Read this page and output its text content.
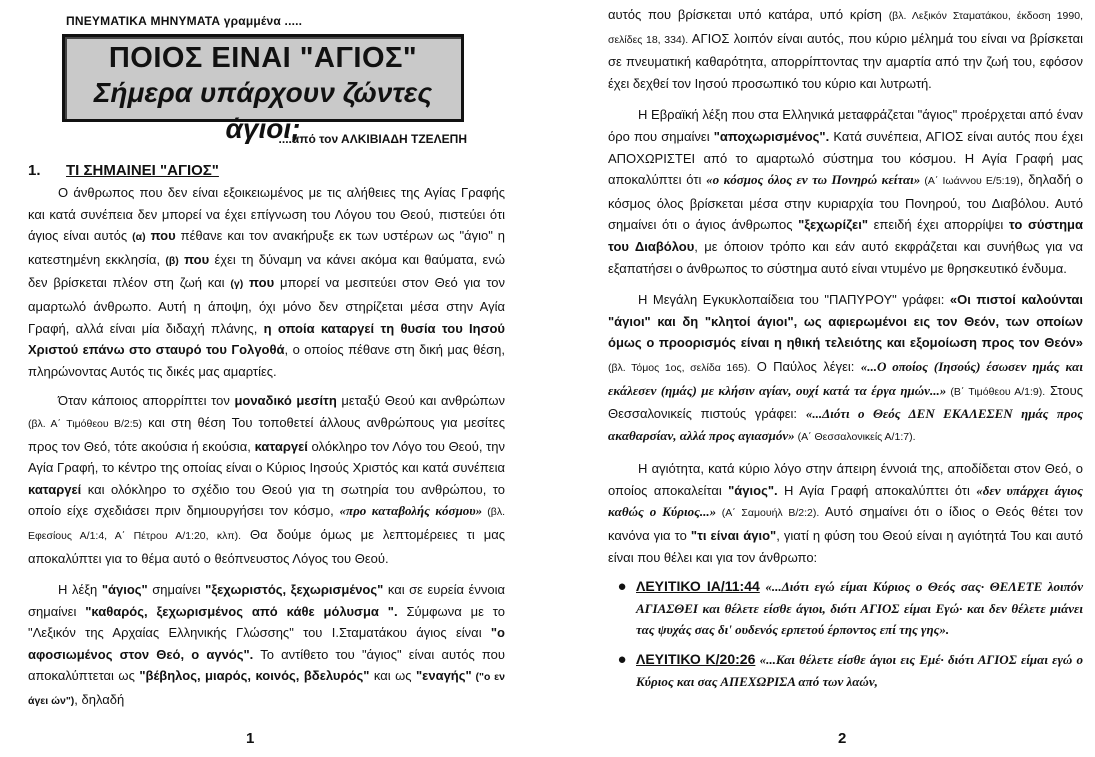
ΠΝΕΥΜΑΤΙΚΑ ΜΗΝΥΜΑΤΑ γραμμένα .....
ΠΟΙΟΣ ΕΙΝΑΙ "ΑΓΙΟΣ"
Σήμερα υπάρχουν ζώντες άγιοι;
....από τον ΑΛΚΙΒΙΑΔΗ ΤΖΕΛΕΠΗ
1.	ΤΙ ΣΗΜΑΙΝΕΙ "ΑΓΙΟΣ"

Ο άνθρωπος που δεν είναι εξοικειωμένος με τις αλήθειες της Αγίας Γραφής και κατά συνέπεια δεν μπορεί να έχει επίγνωση του Λόγου του Θεού, πιστεύει ότι άγιος είναι αυτός (α) που πέθανε και τον ανακήρυξε εκ των υστέρων ως "άγιο" η κατεστημένη εκκλησία, (β) που έχει τη δύναμη να κάνει ακόμα και θαύματα, ενώ δεν βρίσκεται πλέον στη ζωή και (γ) που μπορεί να μεσιτεύει στον Θεό για τον αμαρτωλό άνθρωπο. Αυτή η άποψη, όχι μόνο δεν στηρίζεται μέσα στην Αγία Γραφή, αλλά είναι μία διδαχή πλάνης, η οποία καταργεί τη θυσία του Ιησού Χριστού επάνω στο σταυρό του Γολγοθά, ο οποίος πέθανε στη δική μας θέση, πληρώνοντας Αυτός τις δικές μας αμαρτίες.

Όταν κάποιος απορρίπτει τον μοναδικό μεσίτη μεταξύ Θεού και ανθρώπων (βλ. Α΄ Τιμόθεου Β/2:5) και στη θέση Του τοποθετεί άλλους ανθρώπους για μεσίτες προς τον Θεό, τότε ακούσια ή εκούσια, καταργεί ολόκληρο τον Λόγο του Θεού, την Αγία Γραφή, το κέντρο της οποίας είναι ο Κύριος Ιησούς Χριστός και κατά συνέπεια καταργεί και ολόκληρο το σχέδιο του Θεού για τη σωτηρία του ανθρώπου, το οποίο είχε σχεδιάσει πριν δημιουργήσει τον κόσμο, «προ καταβολής κόσμου» (βλ. Εφεσίους Α/1:4, Α΄ Πέτρου Α/1:20, κλπ). Θα δούμε όμως με λεπτομέρειες τι μας αποκαλύπτει για το θέμα αυτό ο θεόπνευστος Λόγος του Θεού.

Η λέξη "άγιος" σημαίνει "ξεχωριστός, ξεχωρισμένος" και σε ευρεία έννοια σημαίνει "καθαρός, ξεχωρισμένος από κάθε μόλυσμα ". Σύμφωνα με το "Λεξικόν της Αρχαίας Ελληνικής Γλώσσης" του Ι.Σταματάκου άγιος είναι "ο αφοσιωμένος στον Θεό, ο αγνός". Το αντίθετο του "άγιος" είναι αυτός που αποκαλύπτεται ως "βέβηλος, μιαρός, κοινός, βδελυρός" και ως "εναγής" ("ο εν άγει ών"), δηλαδή

1

αυτός που βρίσκεται υπό κατάρα, υπό κρίση (βλ. Λεξικόν Σταματάκου, έκδοση 1990, σελίδες 18, 334). ΑΓΙΟΣ λοιπόν είναι αυτός, που κύριο μέλημά του είναι να βρίσκεται σε πνευματική καθαρότητα, απορρίπτοντας την αμαρτία από την ζωή του, εφόσον έχει δεχθεί τον Ιησού προσωπικό του κύριο και λυτρωτή.

Η Εβραϊκή λέξη που στα Ελληνικά μεταφράζεται "άγιος" προέρχεται από έναν όρο που σημαίνει "αποχωρισμένος". Κατά συνέπεια, ΑΓΙΟΣ είναι αυτός που έχει ΑΠΟΧΩΡΙΣΤΕΙ από το αμαρτωλό σύστημα του κόσμου. Η Αγία Γραφή μας αποκαλύπτει ότι «ο κόσμος όλος εν τω Πονηρώ κείται» (Α΄ Ιωάννου Ε/5:19), δηλαδή ο κόσμος όλος βρίσκεται μέσα στην κυριαρχία του Πονηρού, του Διαβόλου. Αυτό σημαίνει ότι ο άγιος άνθρωπος "ξεχωρίζει" επειδή έχει απορρίψει το σύστημα του Διαβόλου, με όποιον τρόπο και εάν αυτό εκφράζεται και συνήθως για να εξαπατήσει ο άνθρωπος το σύστημα αυτό είναι ντυμένο με θρησκευτικό ένδυμα.

Η Μεγάλη Εγκυκλοπαίδεια του "ΠΑΠΥΡΟΥ" γράφει: «Οι πιστοί καλούνται "άγιοι" και δη "κλητοί άγιοι", ως αφιερωμένοι εις τον Θεόν, των οποίων όμως ο προορισμός είναι η ηθική τελειότης και εξομοίωση προς τον Θεόν» (βλ. Τόμος 1ος, σελίδα 165). Ο Παύλος λέγει: «...Ο οποίος (Ιησούς) έσωσεν ημάς και εκάλεσεν (ημάς) με κλήσιν αγίαν, ουχί κατά τα έργα ημών...» (Β΄ Τιμόθεου Α/1:9). Στους Θεσσαλονικείς πιστούς γράφει: «...Διότι ο Θεός ΔΕΝ ΕΚΑΛΕΣΕΝ ημάς προς ακαθαρσίαν, αλλά προς αγιασμόν» (Α΄ Θεσσαλονικείς Α/1:7).

Η αγιότητα, κατά κύριο λόγο στην άπειρη έννοιά της, αποδίδεται στον Θεό, ο οποίος αποκαλείται "άγιος". Η Αγία Γραφή αποκαλύπτει ότι «δεν υπάρχει άγιος καθώς ο Κύριος...» (Α΄ Σαμουήλ Β/2:2). Αυτό σημαίνει ότι ο ίδιος ο Θεός θέτει τον κανόνα για το "τι είναι άγιο", γιατί η φύση του Θεού είναι η αγιότητά Του και αυτό είναι που θέλει και για τον άνθρωπο:

● ΛΕΥΙΤΙΚΟ ΙΑ/11:44 «...Διότι εγώ είμαι Κύριος ο Θεός σας· ΘΕΛΕΤΕ λοιπόν ΑΓΙΑΣΘΕΙ και θέλετε είσθε άγιοι, διότι ΑΓΙΟΣ είμαι Εγώ· και δεν θέλετε μιάνει τας ψυχάς σας δι' ουδενός ερπετού έρποντος επί της γης».
● ΛΕΥΙΤΙΚΟ Κ/20:26 «...Και θέλετε είσθε άγιοι εις Εμέ· διότι ΑΓΙΟΣ είμαι εγώ ο Κύριος και σας ΑΠΕΧΩΡΙΣΑ από των λαών,
2
